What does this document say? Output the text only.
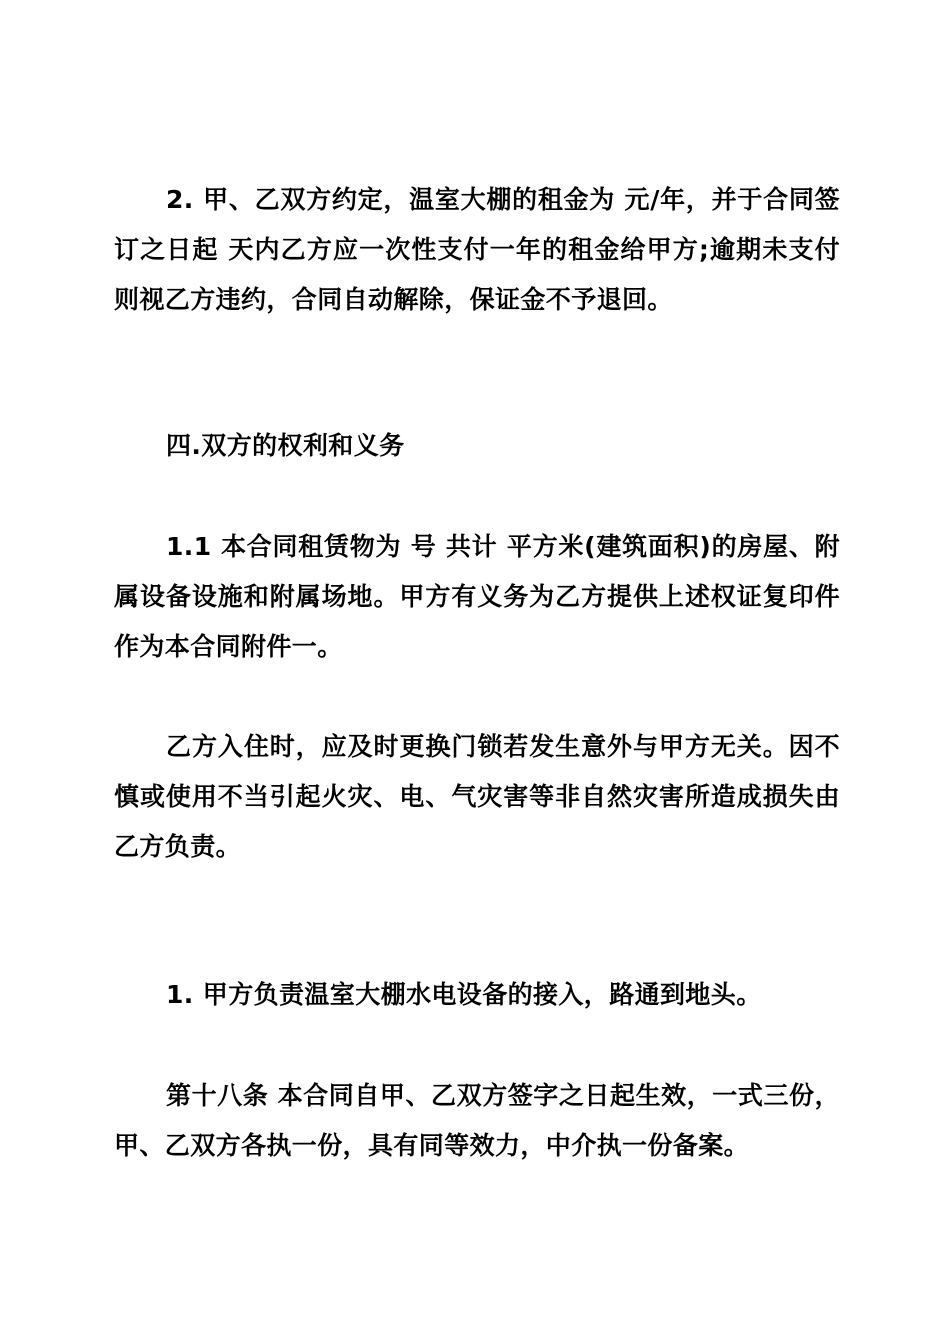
2. 甲、乙双方约定，温室大棚的租金为 元/年，并于合同签订之日起 天内乙方应一次性支付一年的租金给甲方;逾期未支付则视乙方违约，合同自动解除，保证金不予退回。

四.双方的权利和义务

1.1 本合同租赁物为 号 共计 平方米(建筑面积)的房屋、附属设备设施和附属场地。甲方有义务为乙方提供上述权证复印件作为本合同附件一。

乙方入住时，应及时更换门锁若发生意外与甲方无关。因不慎或使用不当引起火灾、电、气灾害等非自然灾害所造成损失由乙方负责。

1. 甲方负责温室大棚水电设备的接入，路通到地头。

第十八条 本合同自甲、乙双方签字之日起生效，一式三份，甲、乙双方各执一份，具有同等效力，中介执一份备案。
